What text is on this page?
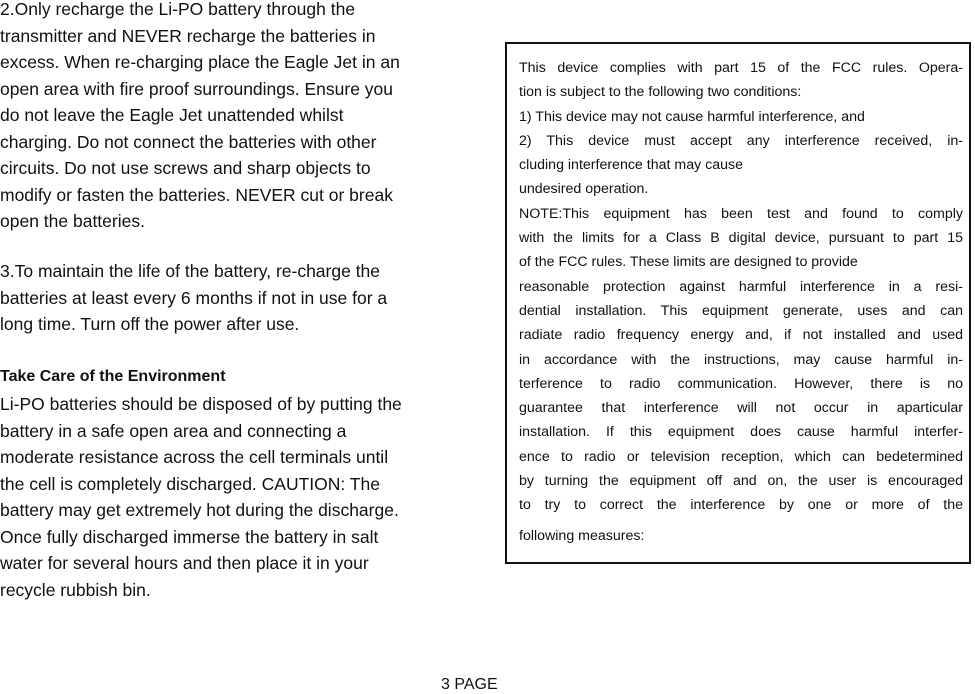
2.Only recharge the Li-PO battery through the
transmitter and NEVER recharge the batteries in
excess. When re-charging place the Eagle Jet in an
open area with fire proof surroundings. Ensure you
do not leave the Eagle Jet unattended whilst
charging. Do not connect the batteries with other
circuits. Do not use screws and sharp objects to
modify or fasten the batteries. NEVER cut or break
open the batteries.

3.To maintain the life of the battery, re-charge the
batteries at least every 6 months if not in use for a
long time. Turn off the power after use.

Take Care of the Environment

Li-PO batteries should be disposed of by putting the
battery in a safe open area and connecting a
moderate resistance across the cell terminals until
the cell is completely discharged. CAUTION: The
battery may get extremely hot during the discharge.
Once fully discharged immerse the battery in salt
water for several hours and then place it in your
recycle rubbish bin.

This device complies with part 15 of the FCC rules. Opera-
tion is subject to the following two conditions:
1) This device may not cause harmful interference, and
2) This device must accept any interference received, in-
cluding interference that may cause
undesired operation.
NOTE:This equipment has been test and found to comply
with the limits for a Class B digital device, pursuant to part 15
of the FCC rules. These limits are designed to provide
reasonable protection against harmful interference in a resi-
dential installation. This equipment generate, uses and can
radiate radio frequency energy and, if not installed and used
in accordance with the instructions, may cause harmful in-
terference to radio communication. However, there is no
guarantee that interference will not occur in aparticular
installation. If this equipment does cause harmful interfer-
ence to radio or television reception, which can bedetermined
by turning the equipment off and on, the user is encouraged
to try to correct the interference by one or more of the
following measures:

3 PAGE
